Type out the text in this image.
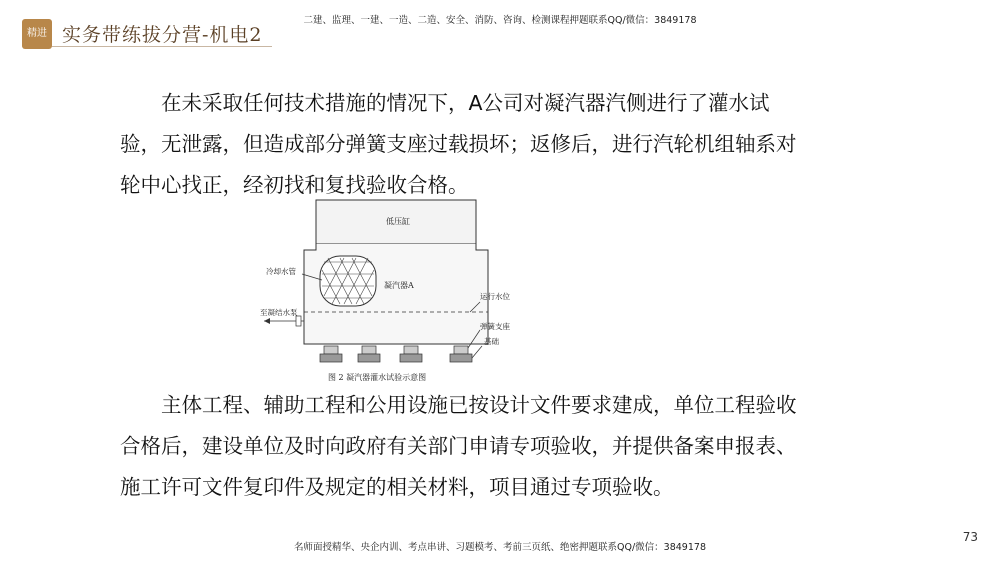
精进 实务带练拔分营-机电2
二建、监理、一建、一造、二造、安全、消防、咨询、检测课程押题联系QQ/微信：3849178

在未采取任何技术措施的情况下，A公司对凝汽器汽侧进行了灌水试验，无泄露，但造成部分弹簧支座过载损坏；返修后，进行汽轮机组轴系对轮中心找正，经初找和复找验收合格。

低压缸
冷却水管
凝汽器A
运行水位
至凝结水泵
弹簧支座
基础
图 2 凝汽器灌水试验示意图

主体工程、辅助工程和公用设施已按设计文件要求建成，单位工程验收合格后，建设单位及时向政府有关部门申请专项验收，并提供备案申报表、施工许可文件复印件及规定的相关材料，项目通过专项验收。

名师面授精华、央企内训、考点串讲、习题模考、考前三页纸、绝密押题联系QQ/微信：3849178
73
